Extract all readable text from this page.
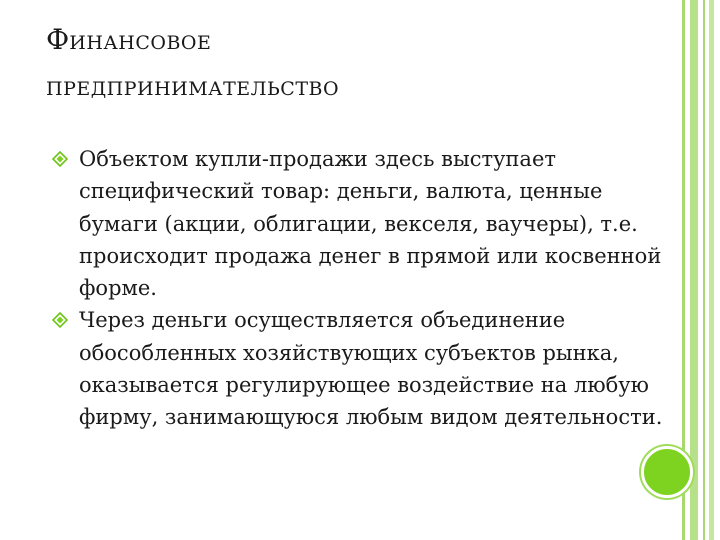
ФИНАНСОВОЕ
ПРЕДПРИНИМАТЕЛЬСТВО
Объектом купли-продажи здесь выступает специфический товар: деньги, валюта, ценные бумаги (акции, облигации, векселя, ваучеры), т.е. происходит продажа денег в прямой или косвенной форме.
Через деньги осуществляется объединение обособленных хозяйствующих субъектов рынка, оказывается регулирующее воздействие на любую фирму, занимающуюся любым видом деятельности.
